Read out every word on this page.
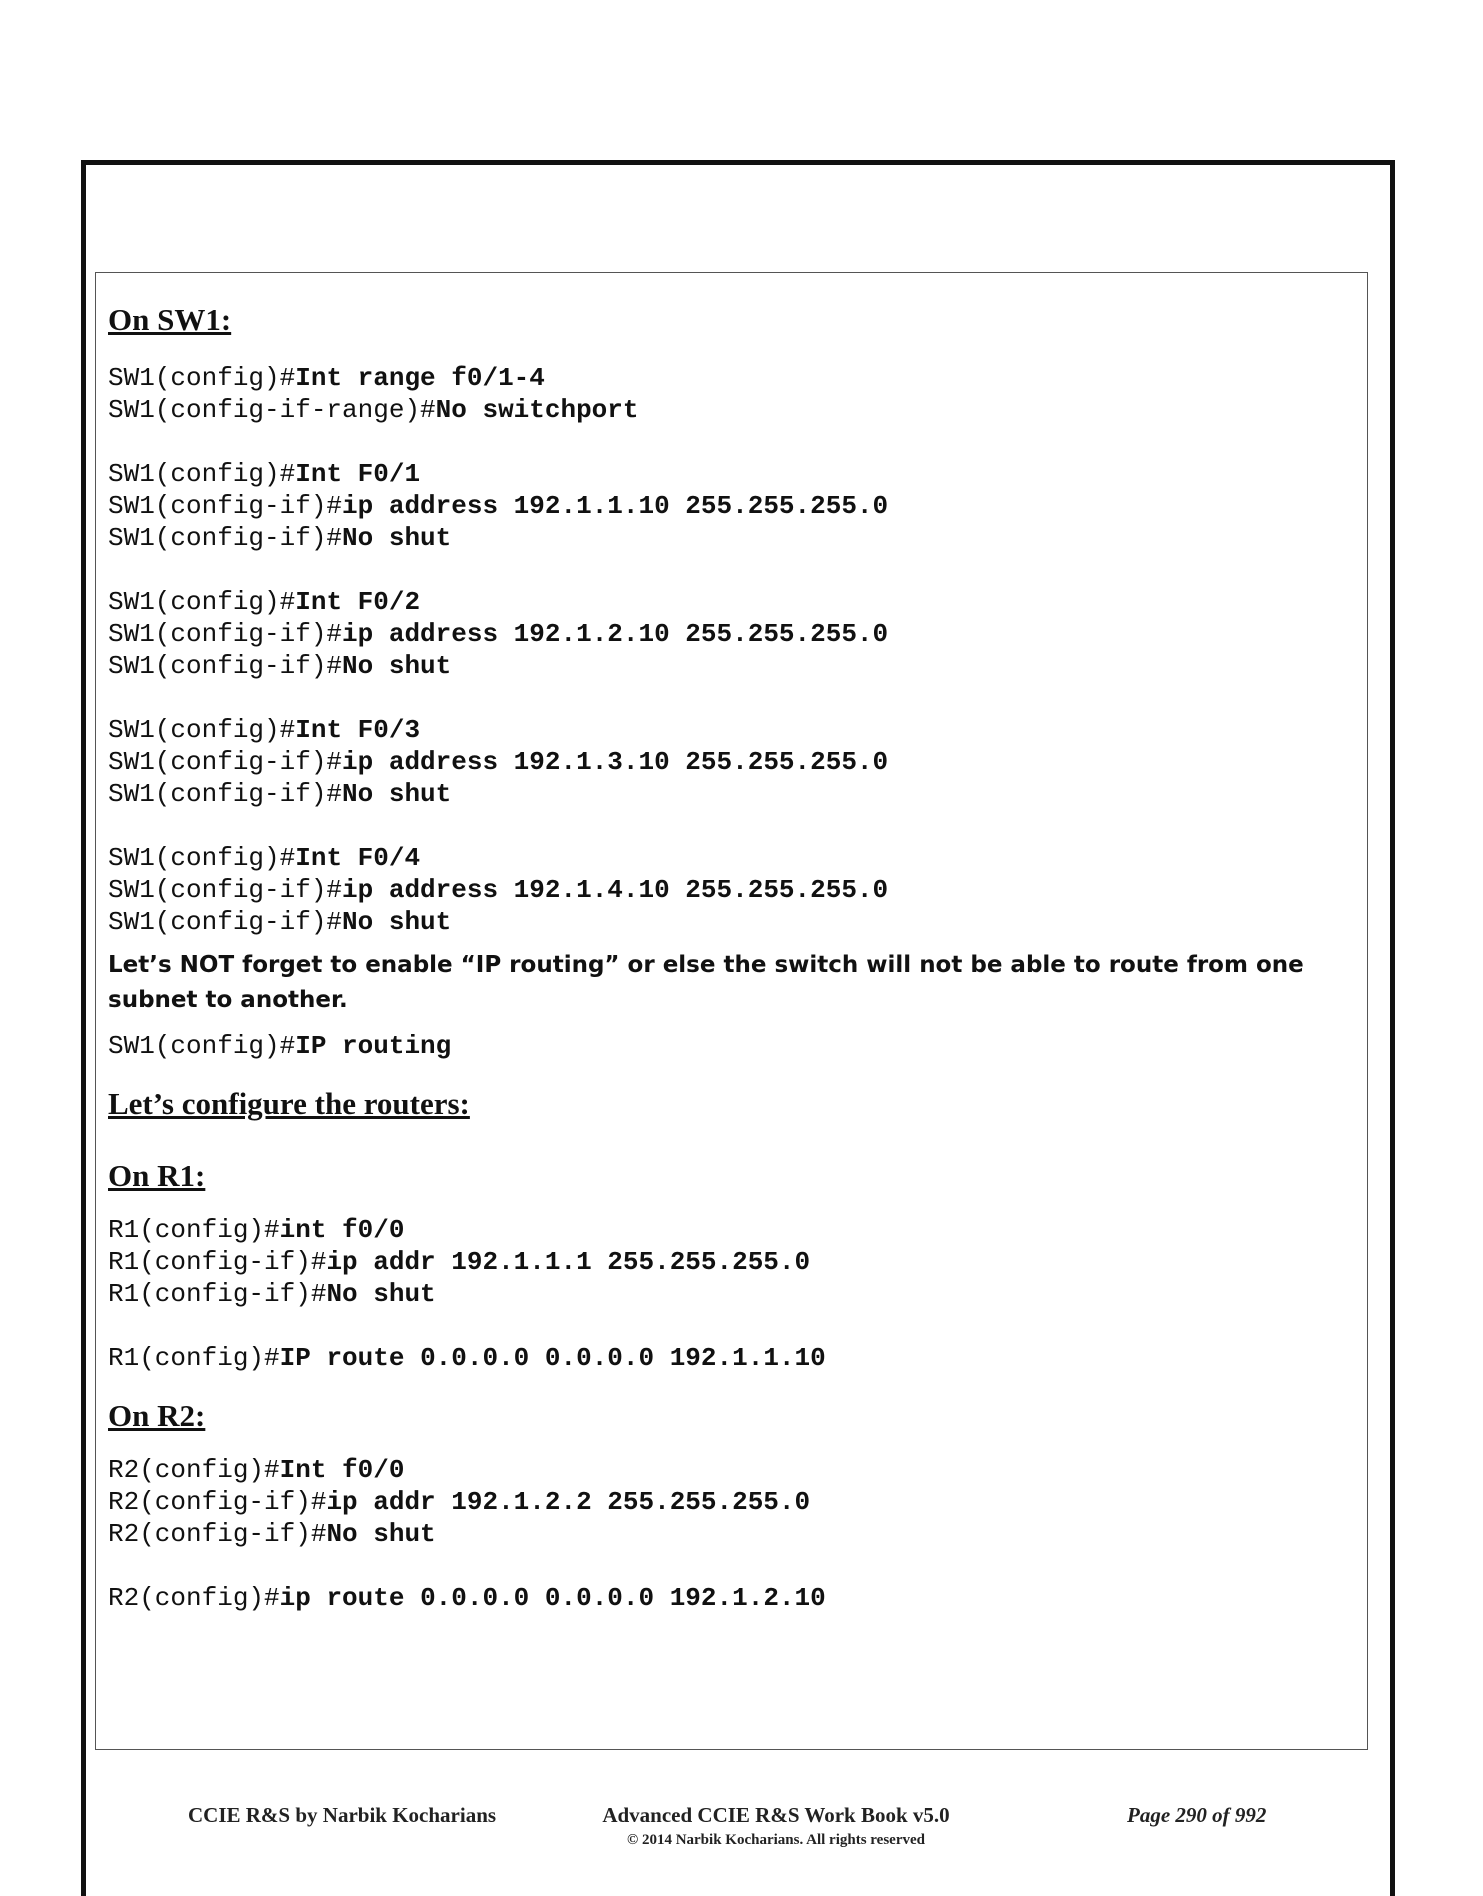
On SW1:
SW1(config)#Int range f0/1-4
SW1(config-if-range)#No switchport
SW1(config)#Int F0/1
SW1(config-if)#ip address 192.1.1.10 255.255.255.0
SW1(config-if)#No shut
SW1(config)#Int F0/2
SW1(config-if)#ip address 192.1.2.10 255.255.255.0
SW1(config-if)#No shut
SW1(config)#Int F0/3
SW1(config-if)#ip address 192.1.3.10 255.255.255.0
SW1(config-if)#No shut
SW1(config)#Int F0/4
SW1(config-if)#ip address 192.1.4.10 255.255.255.0
SW1(config-if)#No shut

Let’s NOT forget to enable “IP routing” or else the switch will not be able to route from one subnet to another.

SW1(config)#IP routing
Let’s configure the routers:
On R1:
R1(config)#int f0/0
R1(config-if)#ip addr 192.1.1.1 255.255.255.0
R1(config-if)#No shut
R1(config)#IP route 0.0.0.0 0.0.0.0 192.1.1.10
On R2:
R2(config)#Int f0/0
R2(config-if)#ip addr 192.1.2.2 255.255.255.0
R2(config-if)#No shut
R2(config)#ip route 0.0.0.0 0.0.0.0 192.1.2.10
CCIE R&S by Narbik Kocharians	Advanced CCIE R&S Work Book v5.0
© 2014 Narbik Kocharians. All rights reserved
Page 290 of 992
